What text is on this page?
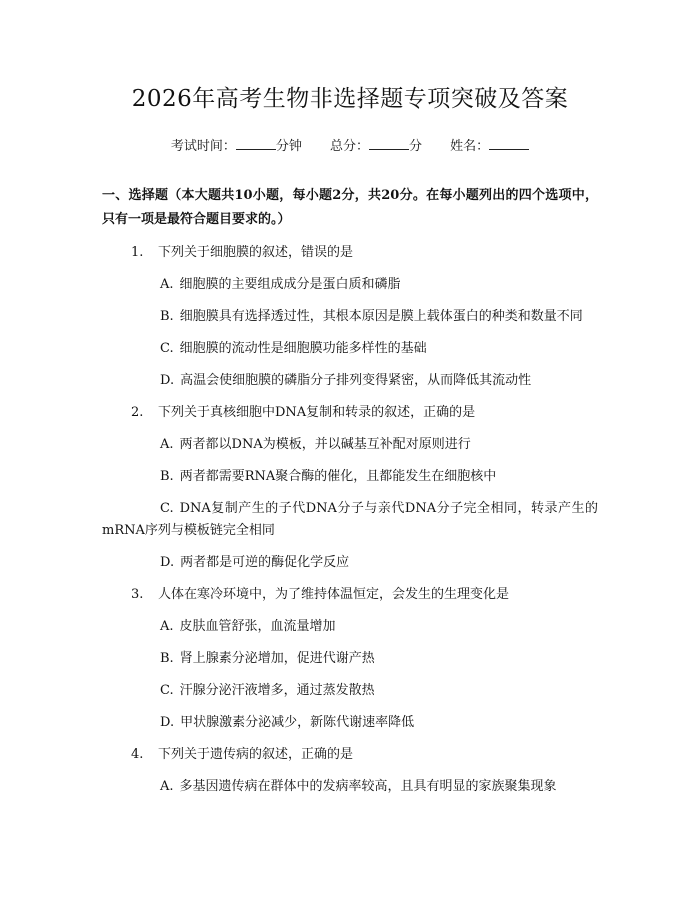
2026年高考生物非选择题专项突破及答案
考试时间：	分钟 总分：	分 姓名：
一、选择题（本大题共10小题，每小题2分，共20分。在每小题列出的四个选项中，只有一项是最符合题目要求的。）
1. 下列关于细胞膜的叙述，错误的是
A. 细胞膜的主要组成成分是蛋白质和磷脂
B. 细胞膜具有选择透过性，其根本原因是膜上载体蛋白的种类和数量不同
C. 细胞膜的流动性是细胞膜功能多样性的基础
D. 高温会使细胞膜的磷脂分子排列变得紧密，从而降低其流动性
2. 下列关于真核细胞中DNA复制和转录的叙述，正确的是
A. 两者都以DNA为模板，并以碱基互补配对原则进行
B. 两者都需要RNA聚合酶的催化，且都能发生在细胞核中
C. DNA复制产生的子代DNA分子与亲代DNA分子完全相同，转录产生的mRNA序列与模板链完全相同
D. 两者都是可逆的酶促化学反应
3. 人体在寒冷环境中，为了维持体温恒定，会发生的生理变化是
A. 皮肤血管舒张，血流量增加
B. 肾上腺素分泌增加，促进代谢产热
C. 汗腺分泌汗液增多，通过蒸发散热
D. 甲状腺激素分泌减少，新陈代谢速率降低
4. 下列关于遗传病的叙述，正确的是
A. 多基因遗传病在群体中的发病率较高，且具有明显的家族聚集现象
